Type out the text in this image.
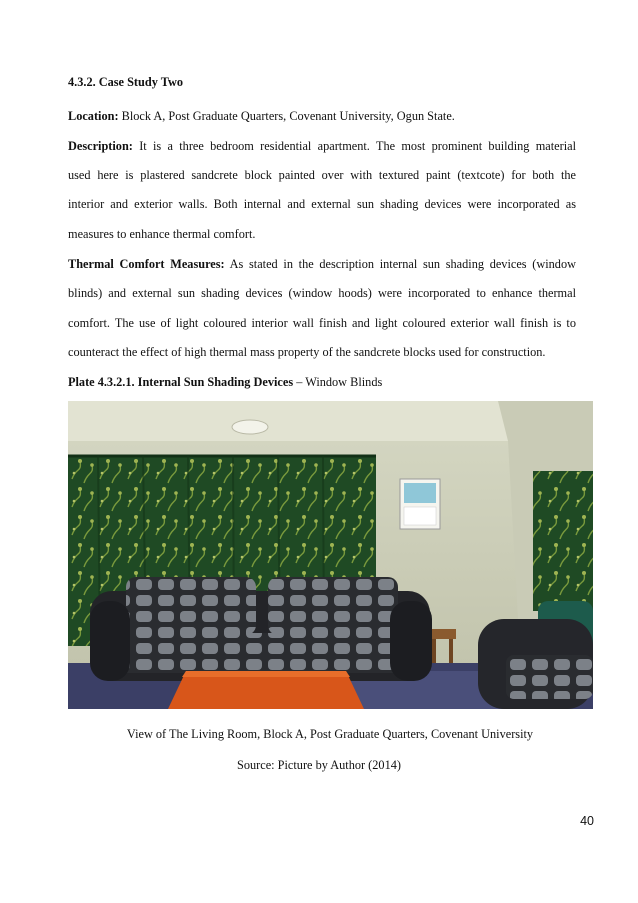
4.3.2. Case Study Two
Location: Block A, Post Graduate Quarters, Covenant University, Ogun State.
Description: It is a three bedroom residential apartment. The most prominent building material
used here is plastered sandcrete block painted over with textured paint (textcote) for both the
interior and exterior walls. Both internal and external sun shading devices were incorporated as
measures to enhance thermal comfort.
Thermal Comfort Measures: As stated in the description internal sun shading devices (window
blinds) and external sun shading devices (window hoods) were incorporated to enhance thermal
comfort. The use of light coloured interior wall finish and light coloured exterior wall finish is to
counteract the effect of high thermal mass property of the sandcrete blocks used for construction.
Plate 4.3.2.1. Internal Sun Shading Devices – Window Blinds
View of The Living Room, Block A, Post Graduate Quarters, Covenant University
Source: Picture by Author (2014)
40
